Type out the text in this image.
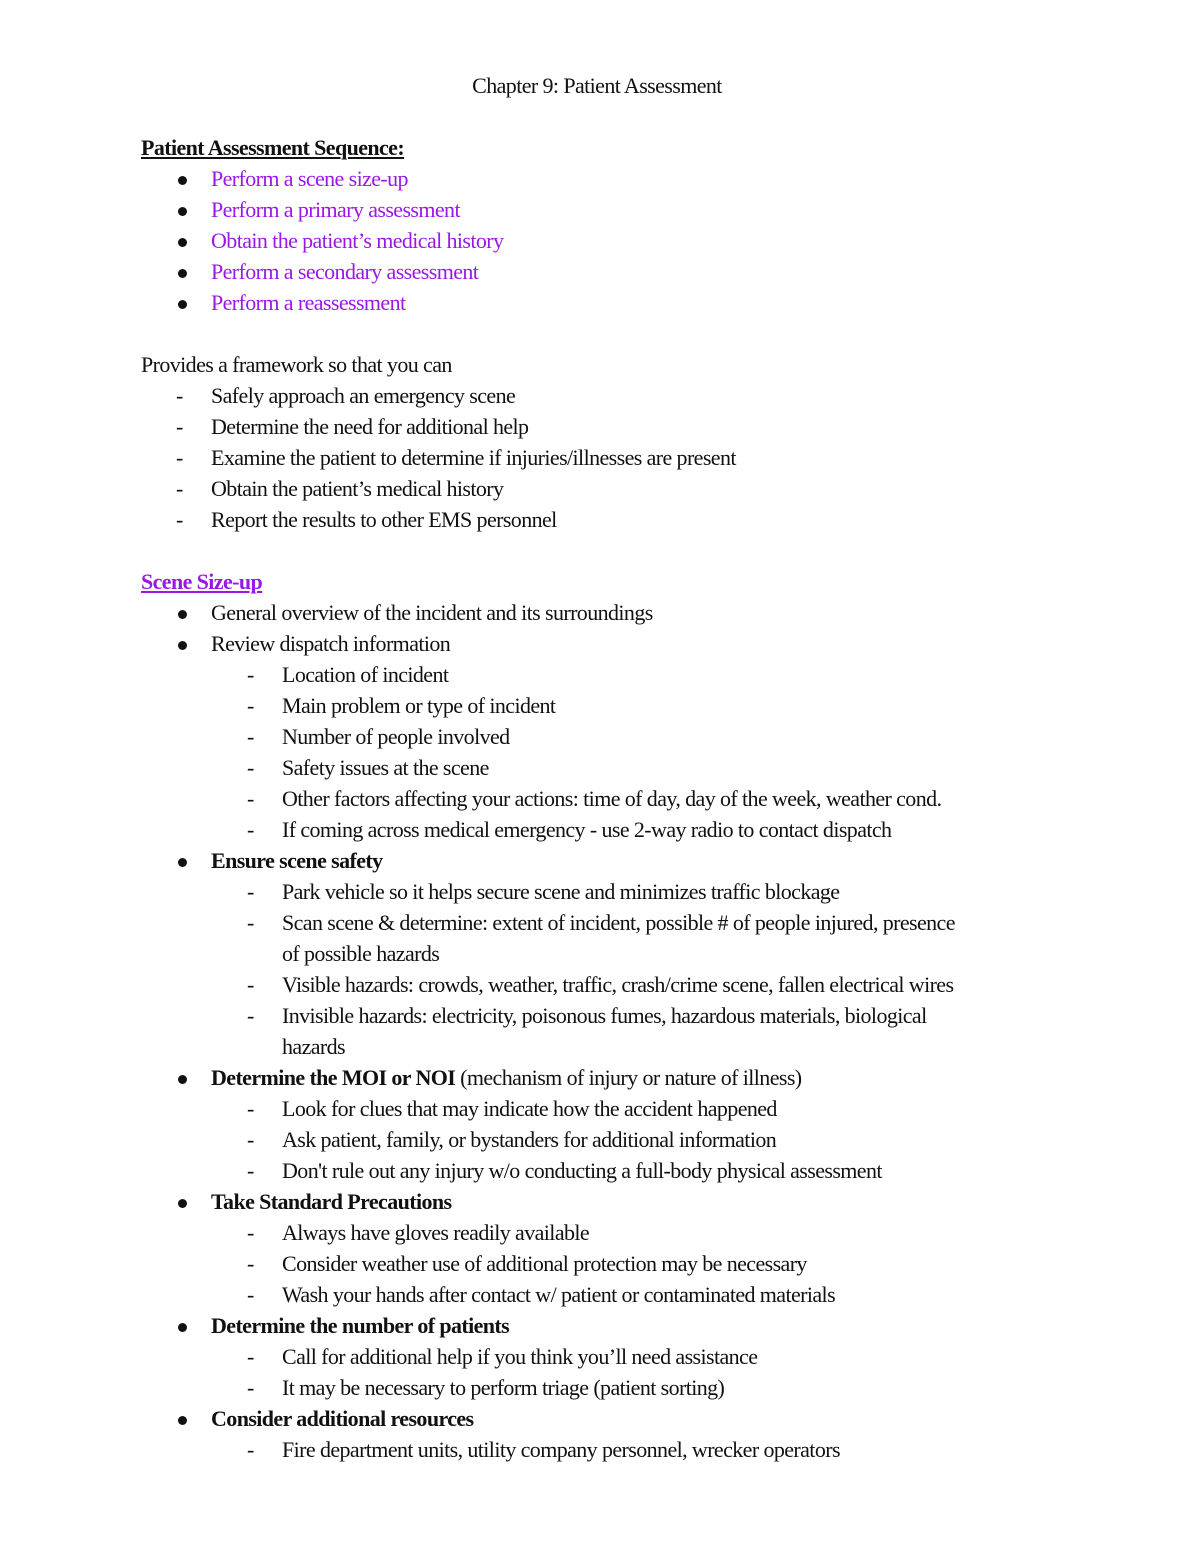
Chapter 9: Patient Assessment
Patient Assessment Sequence:
Perform a scene size-up
Perform a primary assessment
Obtain the patient’s medical history
Perform a secondary assessment
Perform a reassessment
Provides a framework so that you can
- Safely approach an emergency scene
- Determine the need for additional help
- Examine the patient to determine if injuries/illnesses are present
- Obtain the patient’s medical history
- Report the results to other EMS personnel
Scene Size-up
General overview of the incident and its surroundings
Review dispatch information
- Location of incident
- Main problem or type of incident
- Number of people involved
- Safety issues at the scene
- Other factors affecting your actions: time of day, day of the week, weather cond.
- If coming across medical emergency - use 2-way radio to contact dispatch
Ensure scene safety
- Park vehicle so it helps secure scene and minimizes traffic blockage
- Scan scene & determine: extent of incident, possible # of people injured, presence
of possible hazards
- Visible hazards: crowds, weather, traffic, crash/crime scene, fallen electrical wires
- Invisible hazards: electricity, poisonous fumes, hazardous materials, biological
hazards
Determine the MOI or NOI (mechanism of injury or nature of illness)
- Look for clues that may indicate how the accident happened
- Ask patient, family, or bystanders for additional information
- Don't rule out any injury w/o conducting a full-body physical assessment
Take Standard Precautions
- Always have gloves readily available
- Consider weather use of additional protection may be necessary
- Wash your hands after contact w/ patient or contaminated materials
Determine the number of patients
- Call for additional help if you think you’ll need assistance
- It may be necessary to perform triage (patient sorting)
Consider additional resources
- Fire department units, utility company personnel, wrecker operators
